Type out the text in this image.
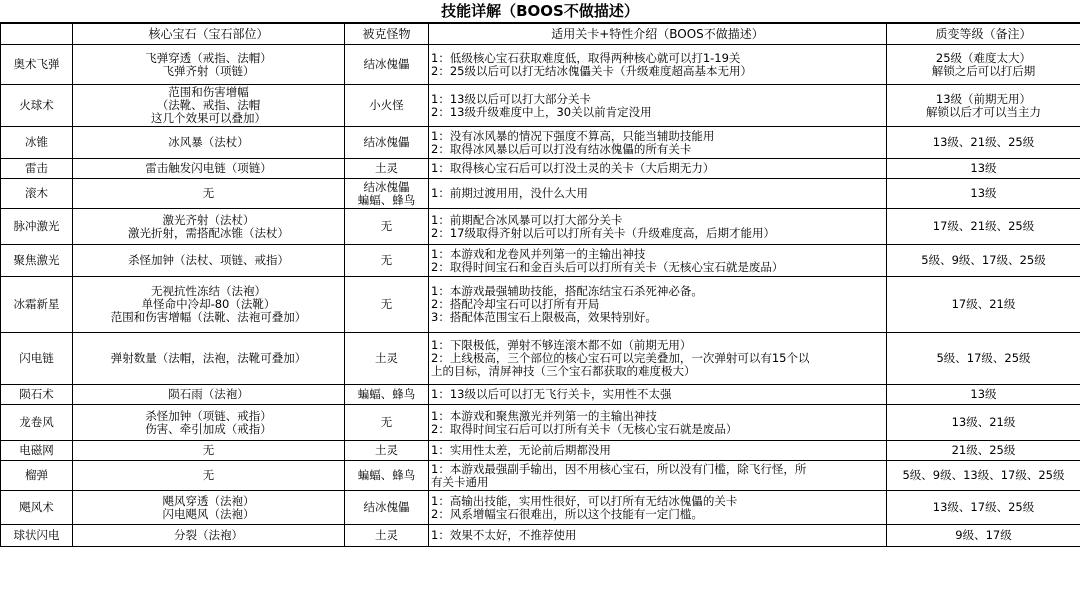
技能详解（BOOS不做描述）
	核心宝石（宝石部位）	被克怪物	适用关卡+特性介绍（BOOS不做描述）	质变等级（备注）

奥术飞弹	飞弹穿透（戒指、法帽）
飞弹齐射（项链）	结冰傀儡	1：低级核心宝石获取难度低，取得两种核心就可以打1-19关
2：25级以后可以打无结冰傀儡关卡（升级难度超高基本无用）	25级（难度太大）
解锁之后可以打后期

火球术	范围和伤害增幅
（法靴、戒指、法帽
这几个效果可以叠加）	小火怪	1：13级以后可以打大部分关卡
2：13级升级难度中上，30关以前肯定没用	13级（前期无用）
解锁以后才可以当主力

冰锥	冰风暴（法杖）	结冰傀儡	1：没有冰风暴的情况下强度不算高，只能当辅助技能用
2：取得冰风暴以后可以打没有结冰傀儡的所有关卡	13级、21级、25级

雷击	雷击触发闪电链（项链）	土灵	1：取得核心宝石后可以打没土灵的关卡（大后期无力）	13级

滚木	无	结冰傀儡
蝙蝠、蜂鸟	1：前期过渡用用，没什么大用	13级

脉冲激光	激光齐射（法杖）
激光折射，需搭配冰锥（法杖）	无	1：前期配合冰风暴可以打大部分关卡
2：17级取得齐射以后可以打所有关卡（升级难度高，后期才能用）	17级、21级、25级

聚焦激光	杀怪加钟（法杖、项链、戒指）	无	1：本游戏和龙卷风并列第一的主输出神技
2：取得时间宝石和金百头后可以打所有关卡（无核心宝石就是废品）	5级、9级、17级、25级

冰霜新星	无视抗性冻结（法袍）
单怪命中冷却-80（法靴）
范围和伤害增幅（法靴、法袍可叠加）	无	1：本游戏最强辅助技能，搭配冻结宝石杀死神必备。
2：搭配冷却宝石可以打所有开局
3：搭配体范围宝石上限极高，效果特别好。	17级、21级

闪电链	弹射数量（法帽，法袍，法靴可叠加）	土灵	1：下限极低，弹射不够连滚木都不如（前期无用）
2：上线极高，三个部位的核心宝石可以完美叠加，一次弹射可以有15个以
上的目标，清屏神技（三个宝石都获取的难度极大）	5级、17级、25级

陨石术	陨石雨（法袍）	蝙蝠、蜂鸟	1：13级以后可以打无飞行关卡，实用性不太强	13级

龙卷风	杀怪加钟（项链、戒指）
伤害、牵引加成（戒指）	无	1：本游戏和聚焦激光并列第一的主输出神技
2：取得时间宝石后可以打所有关卡（无核心宝石就是废品）	13级、21级

电磁网	无	土灵	1：实用性太差，无论前后期都没用	21级、25级

榴弹	无	蝙蝠、蜂鸟	1：本游戏最强副手输出，因不用核心宝石，所以没有门槛，除飞行怪，所
有关卡通用	5级、9级、13级、17级、25级

飓风术	飓风穿透（法袍）
闪电飓风（法袍）	结冰傀儡	1：高输出技能，实用性很好，可以打所有无结冰傀儡的关卡
2：风系增幅宝石很难出，所以这个技能有一定门槛。	13级、17级、25级

球状闪电	分裂（法袍）	土灵	1：效果不太好，不推荐使用	9级、17级
